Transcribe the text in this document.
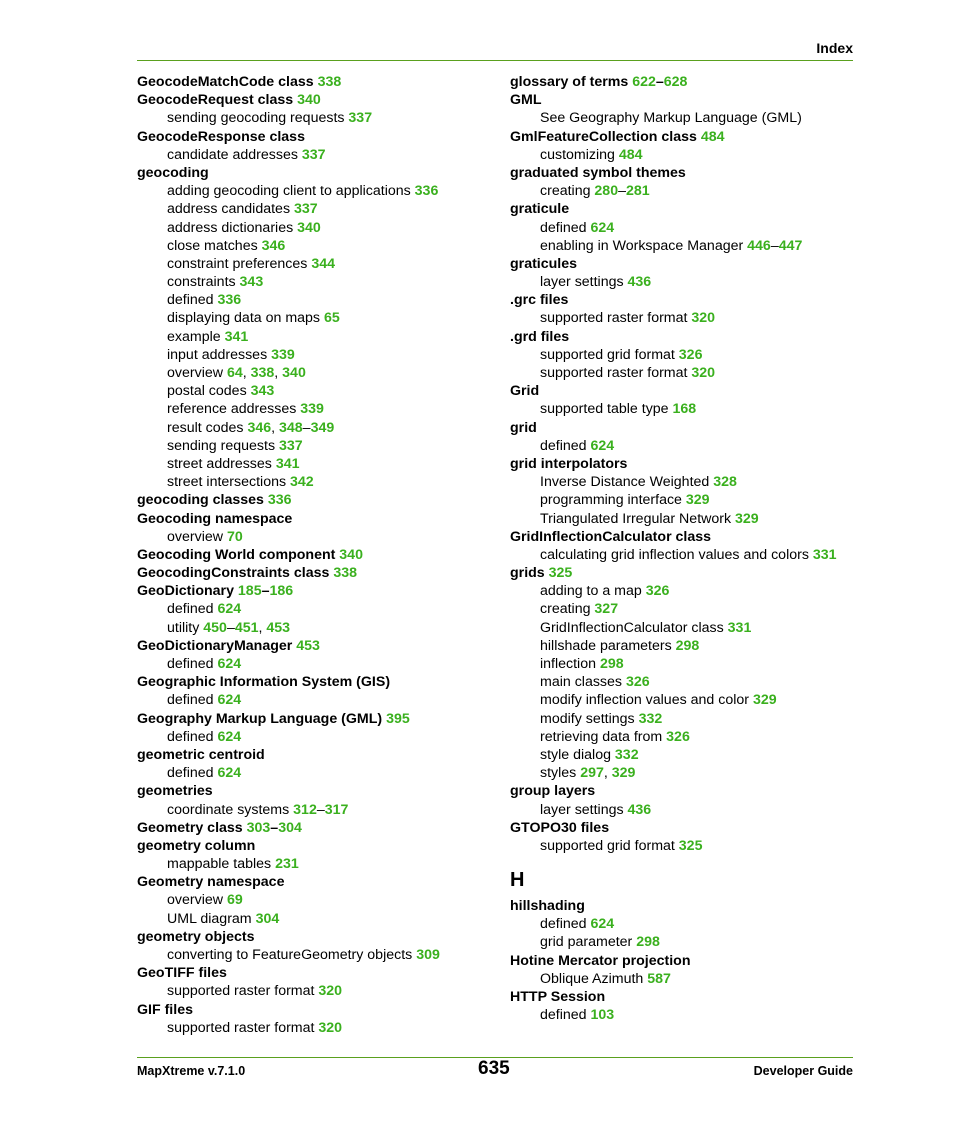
Index
GeocodeMatchCode class 338
GeocodeRequest class 340
sending geocoding requests 337
GeocodeResponse class
candidate addresses 337
geocoding
adding geocoding client to applications 336
address candidates 337
address dictionaries 340
close matches 346
constraint preferences 344
constraints 343
defined 336
displaying data on maps 65
example 341
input addresses 339
overview 64, 338, 340
postal codes 343
reference addresses 339
result codes 346, 348–349
sending requests 337
street addresses 341
street intersections 342
geocoding classes 336
Geocoding namespace
overview 70
Geocoding World component 340
GeocodingConstraints class 338
GeoDictionary 185–186
defined 624
utility 450–451, 453
GeoDictionaryManager 453
defined 624
Geographic Information System (GIS)
defined 624
Geography Markup Language (GML) 395
defined 624
geometric centroid
defined 624
geometries
coordinate systems 312–317
Geometry class 303–304
geometry column
mappable tables 231
Geometry namespace
overview 69
UML diagram 304
geometry objects
converting to FeatureGeometry objects 309
GeoTIFF files
supported raster format 320
GIF files
supported raster format 320
glossary of terms 622–628
GML
See Geography Markup Language (GML)
GmlFeatureCollection class 484
customizing 484
graduated symbol themes
creating 280–281
graticule
defined 624
enabling in Workspace Manager 446–447
graticules
layer settings 436
.grc files
supported raster format 320
.grd files
supported grid format 326
supported raster format 320
Grid
supported table type 168
grid
defined 624
grid interpolators
Inverse Distance Weighted 328
programming interface 329
Triangulated Irregular Network 329
GridInflectionCalculator class
calculating grid inflection values and colors 331
grids 325
adding to a map 326
creating 327
GridInflectionCalculator class 331
hillshade parameters 298
inflection 298
main classes 326
modify inflection values and color 329
modify settings 332
retrieving data from 326
style dialog 332
styles 297, 329
group layers
layer settings 436
GTOPO30 files
supported grid format 325
H
hillshading
defined 624
grid parameter 298
Hotine Mercator projection
Oblique Azimuth 587
HTTP Session
defined 103
MapXtreme v.7.1.0	635	Developer Guide
